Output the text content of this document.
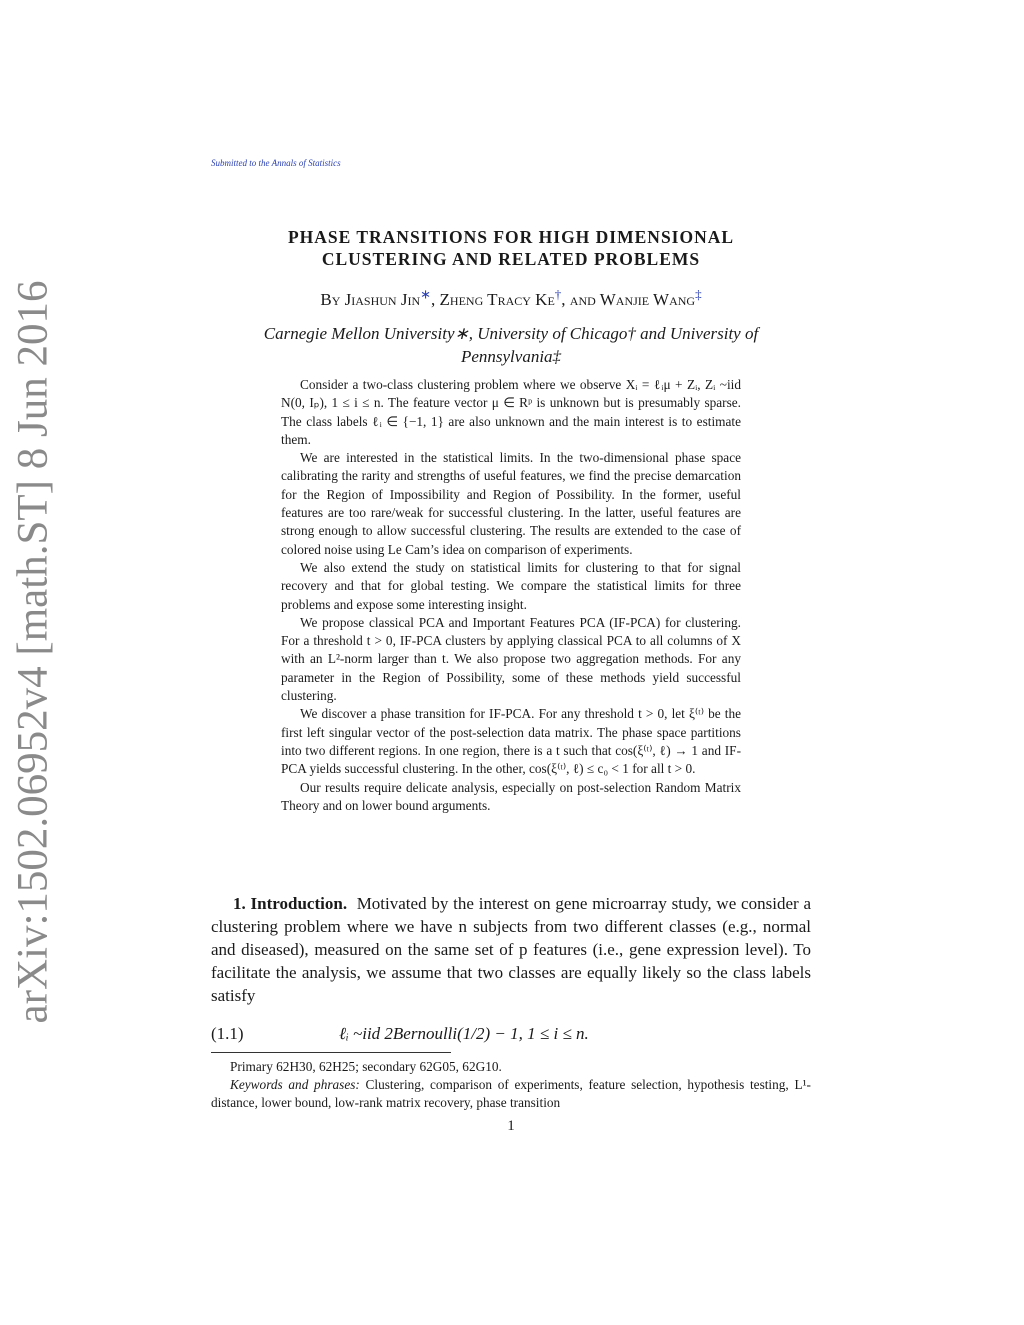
arXiv:1502.06952v4 [math.ST] 8 Jun 2016
Submitted to the Annals of Statistics
PHASE TRANSITIONS FOR HIGH DIMENSIONAL
CLUSTERING AND RELATED PROBLEMS
By Jiashun Jin∗, Zheng Tracy Ke†, and Wanjie Wang‡
Carnegie Mellon University∗, University of Chicago† and University of
Pennsylvania‡

Consider a two-class clustering problem where we observe Xᵢ = ℓᵢμ + Zᵢ, Zᵢ ~iid N(0, Iₚ), 1 ≤ i ≤ n. The feature vector μ ∈ Rᵖ is unknown but is presumably sparse. The class labels ℓᵢ ∈ {−1, 1} are also unknown and the main interest is to estimate them.

We are interested in the statistical limits. In the two-dimensional phase space calibrating the rarity and strengths of useful features, we find the precise demarcation for the Region of Impossibility and Region of Possibility. In the former, useful features are too rare/weak for successful clustering. In the latter, useful features are strong enough to allow successful clustering. The results are extended to the case of colored noise using Le Cam’s idea on comparison of experiments.

We also extend the study on statistical limits for clustering to that for signal recovery and that for global testing. We compare the statistical limits for three problems and expose some interesting insight.

We propose classical PCA and Important Features PCA (IF-PCA) for clustering. For a threshold t > 0, IF-PCA clusters by applying classical PCA to all columns of X with an L²-norm larger than t. We also propose two aggregation methods. For any parameter in the Region of Possibility, some of these methods yield successful clustering.

We discover a phase transition for IF-PCA. For any threshold t > 0, let ξ⁽ᵗ⁾ be the first left singular vector of the post-selection data matrix. The phase space partitions into two different regions. In one region, there is a t such that cos(ξ⁽ᵗ⁾, ℓ) → 1 and IF-PCA yields successful clustering. In the other, cos(ξ⁽ᵗ⁾, ℓ) ≤ c₀ < 1 for all t > 0.

Our results require delicate analysis, especially on post-selection Random Matrix Theory and on lower bound arguments.

1. Introduction. Motivated by the interest on gene microarray study, we consider a clustering problem where we have n subjects from two different classes (e.g., normal and diseased), measured on the same set of p features (i.e., gene expression level). To facilitate the analysis, we assume that two classes are equally likely so the class labels satisfy

(1.1)	ℓᵢ ~iid 2Bernoulli(1/2) − 1, 1 ≤ i ≤ n.

Primary 62H30, 62H25; secondary 62G05, 62G10.

Keywords and phrases: Clustering, comparison of experiments, feature selection, hypothesis testing, L¹-distance, lower bound, low-rank matrix recovery, phase transition

1
